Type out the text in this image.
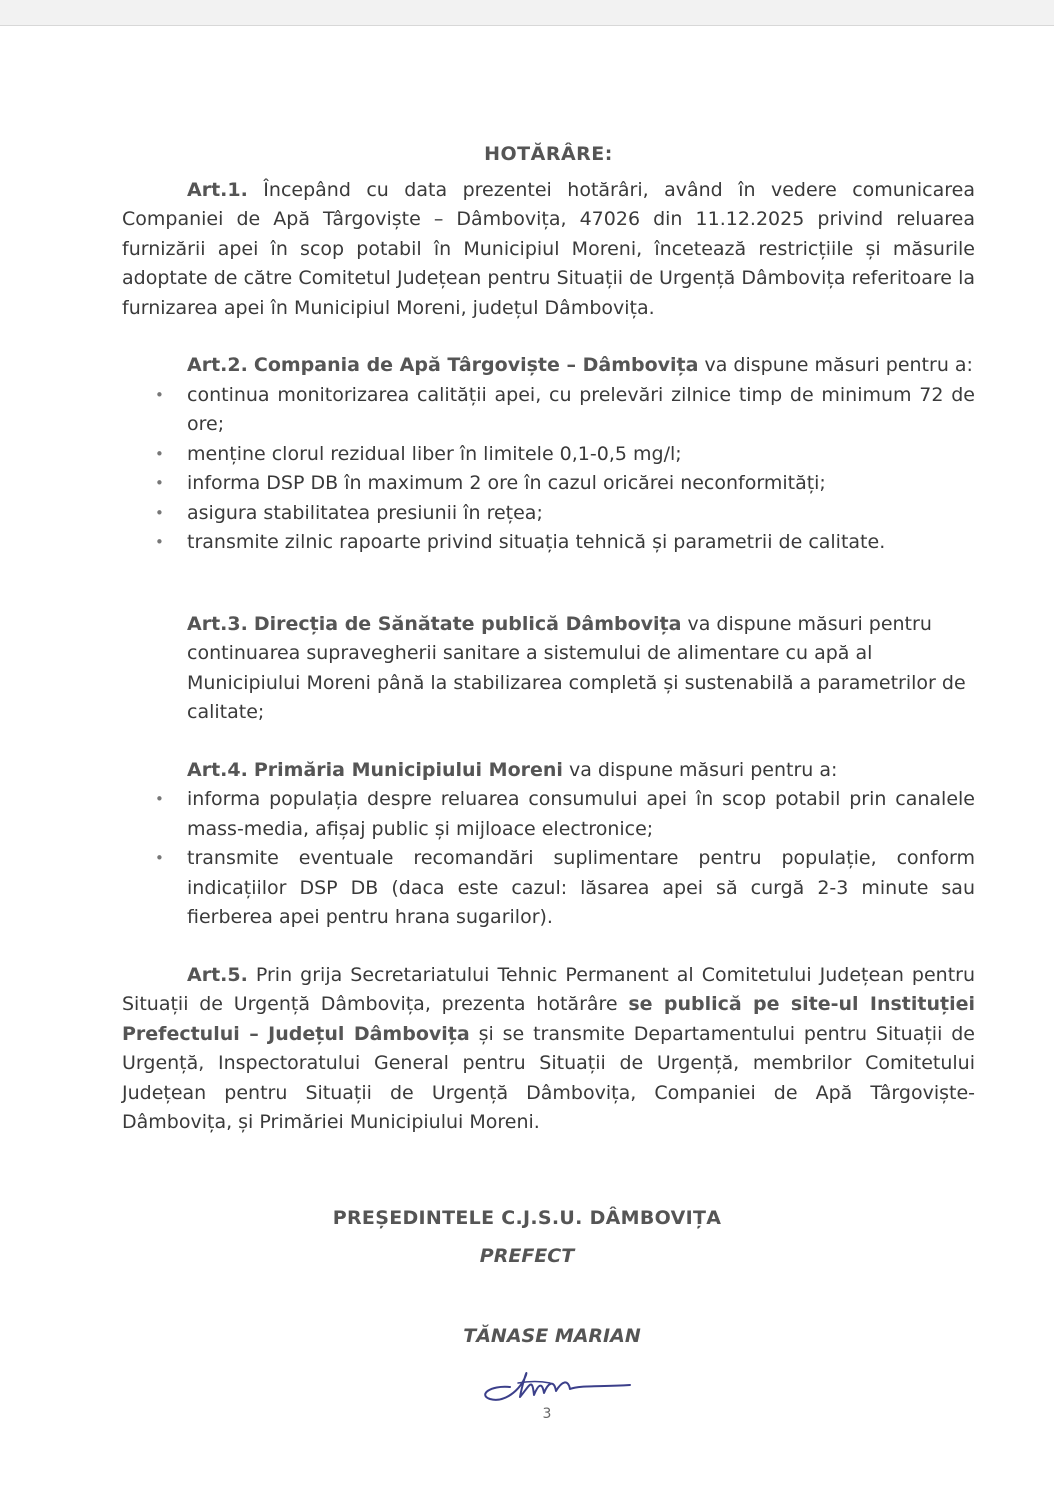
HOTĂRÂRE:

Art.1. Începând cu data prezentei hotărâri, având în vedere comunicarea Companiei de Apă Târgoviște – Dâmbovița, 47026 din 11.12.2025 privind reluarea furnizării apei în scop potabil în Municipiul Moreni, încetează restricțiile și măsurile adoptate de către Comitetul Județean pentru Situații de Urgență Dâmbovița referitoare la furnizarea apei în Municipiul Moreni, județul Dâmbovița.

Art.2. Compania de Apă Târgoviște – Dâmbovița va dispune măsuri pentru a:

• continua monitorizarea calității apei, cu prelevări zilnice timp de minimum 72 de ore;
• menține clorul rezidual liber în limitele 0,1-0,5 mg/l;
• informa DSP DB în maximum 2 ore în cazul oricărei neconformități;
• asigura stabilitatea presiunii în rețea;
• transmite zilnic rapoarte privind situația tehnică și parametrii de calitate.

Art.3. Direcția de Sănătate publică Dâmbovița va dispune măsuri pentru continuarea supravegherii sanitare a sistemului de alimentare cu apă al Municipiului Moreni până la stabilizarea completă și sustenabilă a parametrilor de calitate;

Art.4. Primăria Municipiului Moreni va dispune măsuri pentru a:

• informa populația despre reluarea consumului apei în scop potabil prin canalele mass-media, afișaj public și mijloace electronice;
• transmite eventuale recomandări suplimentare pentru populație, conform indicațiilor DSP DB (daca este cazul: lăsarea apei să curgă 2-3 minute sau fierberea apei pentru hrana sugarilor).

Art.5. Prin grija Secretariatului Tehnic Permanent al Comitetului Județean pentru Situații de Urgență Dâmbovița, prezenta hotărâre se publică pe site-ul Instituției Prefectului – Județul Dâmbovița și se transmite Departamentului pentru Situații de Urgență, Inspectoratului General pentru Situații de Urgență, membrilor Comitetului Județean pentru Situații de Urgență Dâmbovița, Companiei de Apă Târgoviște-Dâmbovița, și Primăriei Municipiului Moreni.

PREȘEDINTELE C.J.S.U. DÂMBOVIȚA
PREFECT
TĂNASE MARIAN
3
